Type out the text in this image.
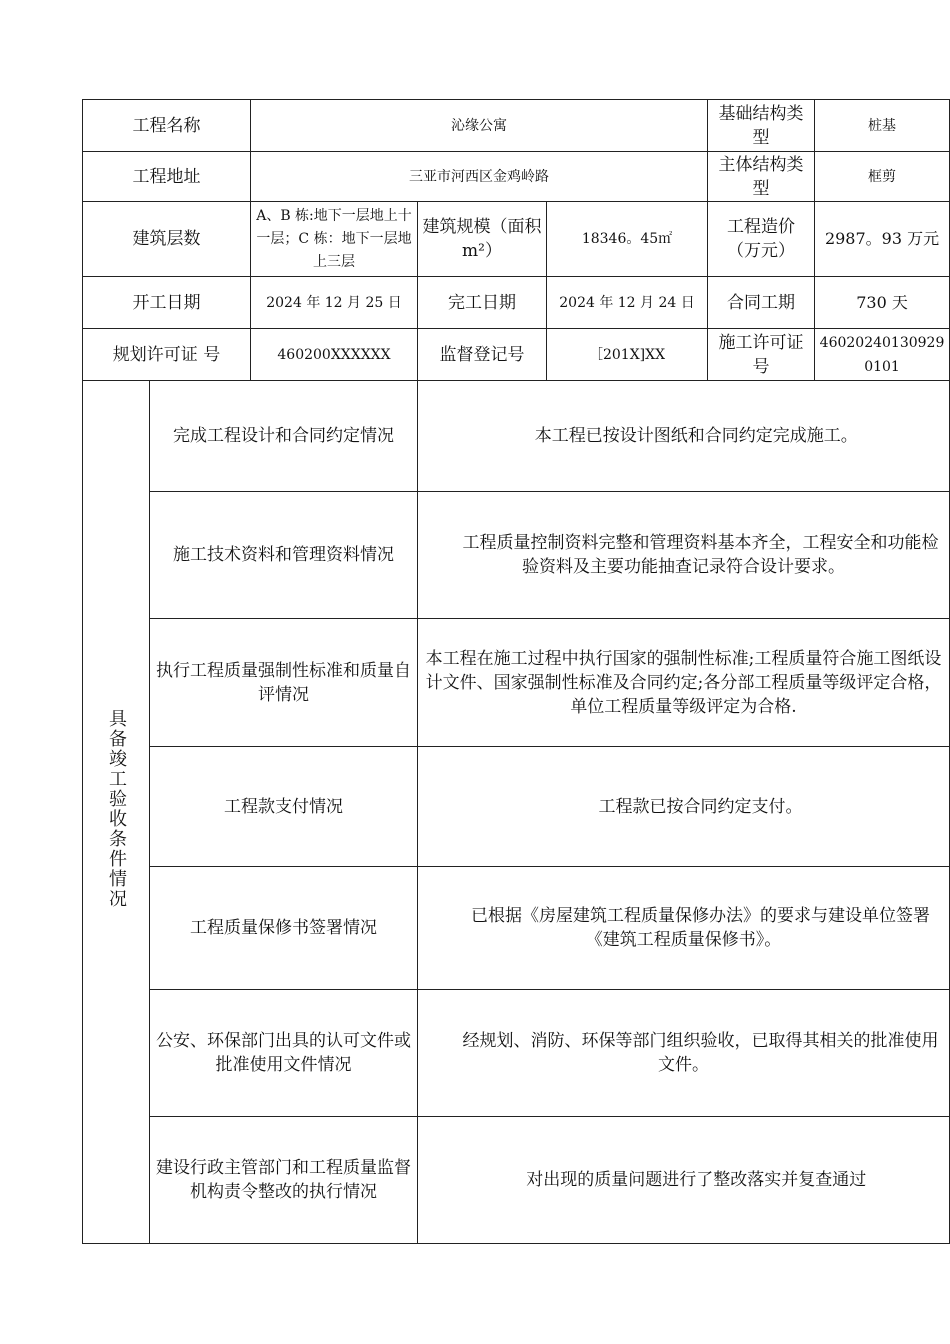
工程名称		沁缘公寓			基础结构类 型	桩基
工程地址		三亚市河西区金鸡岭路			主体结构类 型	框剪
建筑层数		A、B 栋:地下一层地上十一层；C 栋：地下一层地上三层	建筑规模（面积 m²）	18346。45㎡	工程造价（万元）	2987。93 万元
开工日期		2024 年 12 月 25 日	完工日期	2024 年 12 月 24 日	合同工期	730 天
规划许可证 号		460200XXXXXX	监督登记号	［201X]XX	施工许可证 号	460202401309290101
具备竣工验收条件情况	完成工程设计和合同约定情况		本工程已按设计图纸和合同约定完成施工。			
	施工技术资料和管理资料情况		工程质量控制资料完整和管理资料基本齐全，工程安全和功能检验资料及主要功能抽查记录符合设计要求。			
	执行工程质量强制性标准和质量自评情况		本工程在施工过程中执行国家的强制性标准;工程质量符合施工图纸设计文件、国家强制性标准及合同约定;各分部工程质量等级评定合格，单位工程质量等级评定为合格.			
	工程款支付情况		工程款已按合同约定支付。			
	工程质量保修书签署情况		已根据《房屋建筑工程质量保修办法》的要求与建设单位签署《建筑工程质量保修书》。			
	公安、环保部门出具的认可文件或批准使用文件情况		经规划、消防、环保等部门组织验收，已取得其相关的批准使用文件。			
	建设行政主管部门和工程质量监督机构责令整改的执行情况		对出现的质量问题进行了整改落实并复查通过			
